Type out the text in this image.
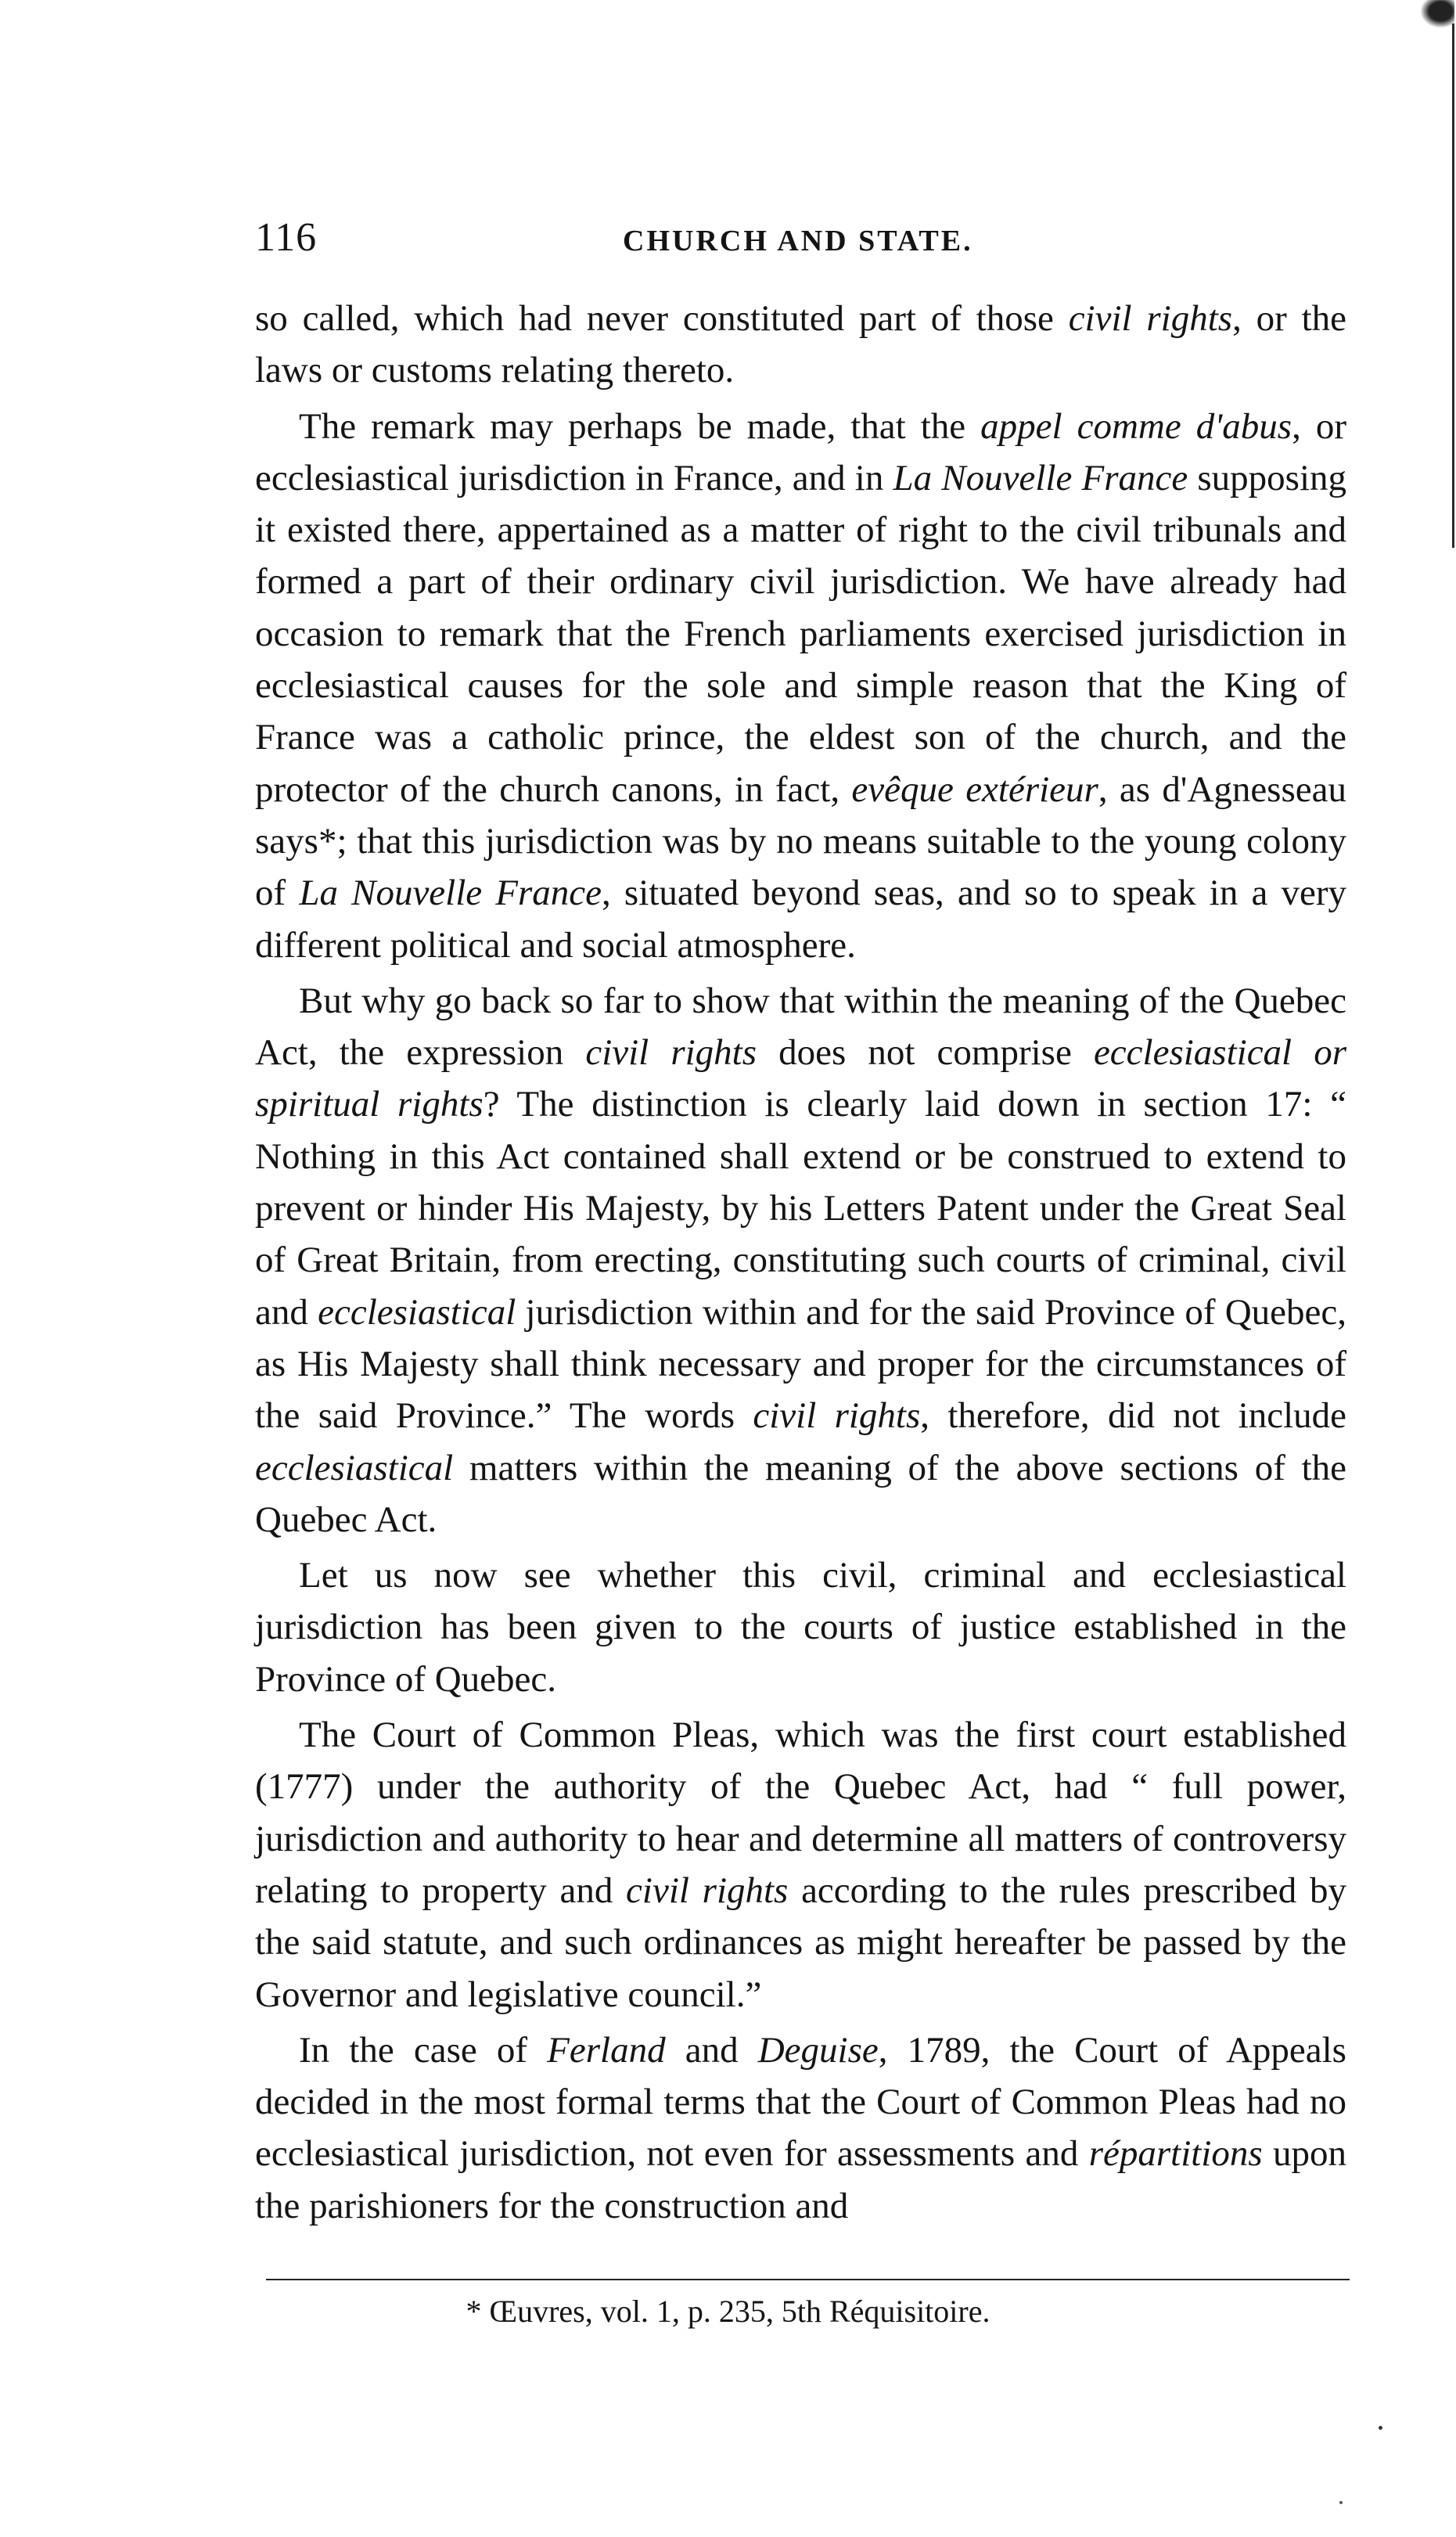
116	CHURCH AND STATE.

so called, which had never constituted part of those civil rights, or the laws or customs relating thereto.

The remark may perhaps be made, that the appel comme d'abus, or ecclesiastical jurisdiction in France, and in La Nouvelle France supposing it existed there, appertained as a matter of right to the civil tribunals and formed a part of their ordinary civil jurisdiction. We have already had occasion to remark that the French parliaments exercised jurisdiction in ecclesiastical causes for the sole and simple reason that the King of France was a catholic prince, the eldest son of the church, and the protector of the church canons, in fact, evêque extérieur, as d'Agnesseau says*; that this jurisdiction was by no means suitable to the young colony of La Nouvelle France, situated beyond seas, and so to speak in a very different political and social atmosphere.

But why go back so far to show that within the meaning of the Quebec Act, the expression civil rights does not comprise ecclesiastical or spiritual rights? The distinction is clearly laid down in section 17: “ Nothing in this Act contained shall extend or be construed to extend to prevent or hinder His Majesty, by his Letters Patent under the Great Seal of Great Britain, from erecting, constituting such courts of criminal, civil and ecclesiastical jurisdiction within and for the said Province of Quebec, as His Majesty shall think necessary and proper for the circumstances of the said Province.” The words civil rights, therefore, did not include ecclesiastical matters within the meaning of the above sections of the Quebec Act.

Let us now see whether this civil, criminal and ecclesiastical jurisdiction has been given to the courts of justice established in the Province of Quebec.

The Court of Common Pleas, which was the first court established (1777) under the authority of the Quebec Act, had “ full power, jurisdiction and authority to hear and determine all matters of controversy relating to property and civil rights according to the rules prescribed by the said statute, and such ordinances as might hereafter be passed by the Governor and legislative council.”

In the case of Ferland and Deguise, 1789, the Court of Appeals decided in the most formal terms that the Court of Common Pleas had no ecclesiastical jurisdiction, not even for assessments and répartitions upon the parishioners for the construction and

* Œuvres, vol. 1, p. 235, 5th Réquisitoire.
